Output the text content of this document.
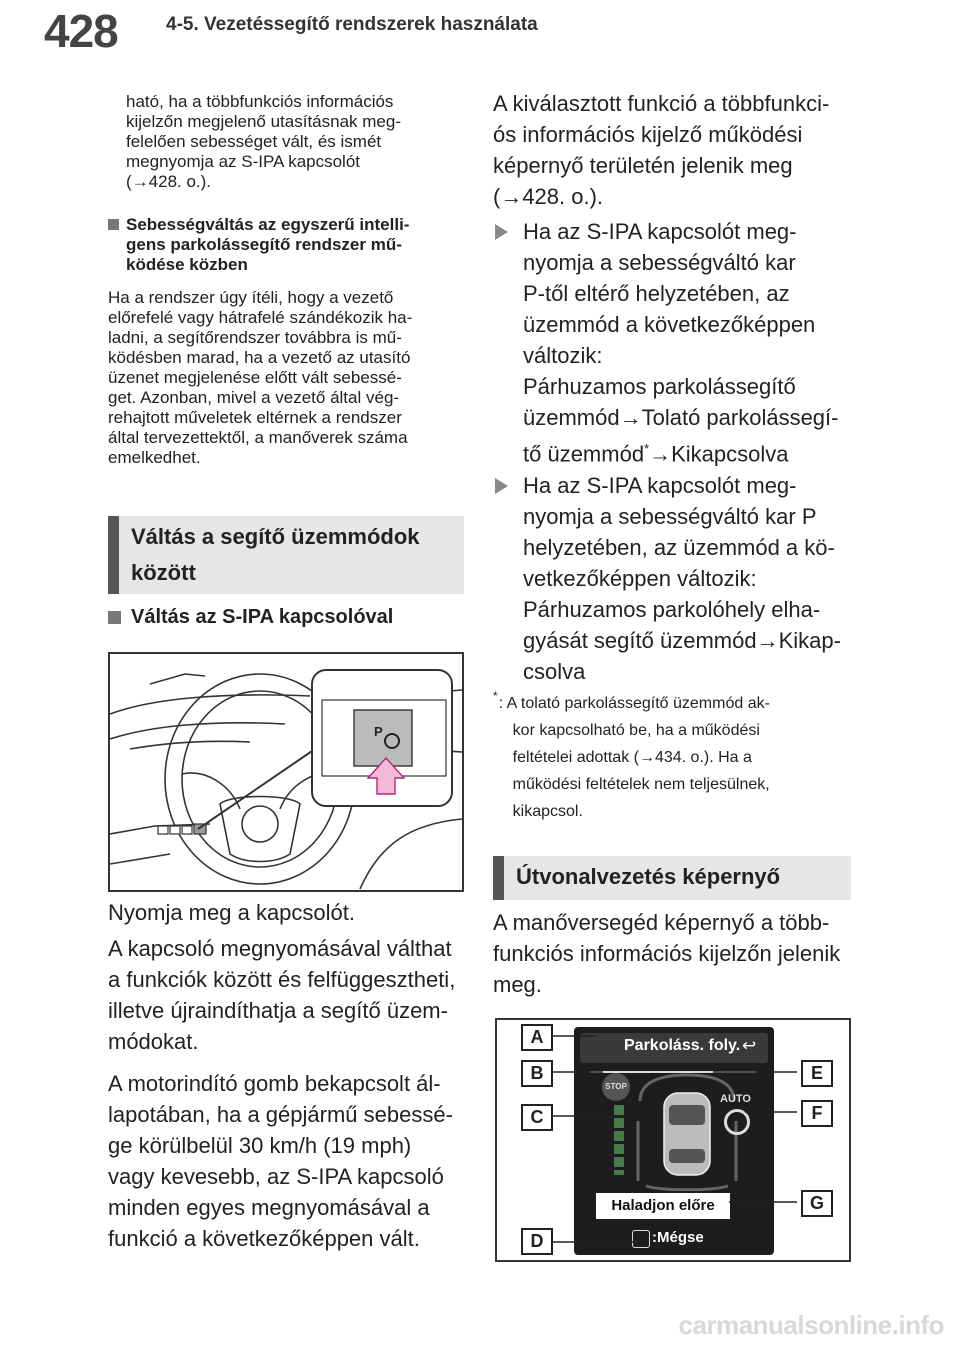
428	4-5. Vezetéssegítő rendszerek használata
ható, ha a többfunkciós információs
kijelzőn megjelenő utasításnak meg-
felelően sebességet vált, és ismét
megnyomja az S-IPA kapcsolót
(→428. o.).
Sebességváltás az egyszerű intelli-
gens parkolássegítő rendszer mű-
ködése közben
Ha a rendszer úgy ítéli, hogy a vezető
előrefelé vagy hátrafelé szándékozik ha-
ladni, a segítőrendszer továbbra is mű-
ködésben marad, ha a vezető az utasító
üzenet megjelenése előtt vált sebessé-
get. Azonban, mivel a vezető által vég-
rehajtott műveletek eltérnek a rendszer
által tervezettektől, a manőverek száma
emelkedhet.
Váltás a segítő üzemmódok
között
Váltás az S-IPA kapcsolóval
P
Nyomja meg a kapcsolót.
A kapcsoló megnyomásával válthat
a funkciók között és felfüggesztheti,
illetve újraindíthatja a segítő üzem-
módokat.
A motorindító gomb bekapcsolt ál-
lapotában, ha a gépjármű sebessé-
ge körülbelül 30 km/h (19 mph)
vagy kevesebb, az S-IPA kapcsoló
minden egyes megnyomásával a
funkció a következőképpen vált.
A kiválasztott funkció a többfunkci-
ós információs kijelző működési
képernyő területén jelenik meg
(→428. o.).
Ha az S-IPA kapcsolót meg-
nyomja a sebességváltó kar
P-től eltérő helyzetében, az
üzemmód a következőképpen
változik:
Párhuzamos parkolássegítő
üzemmód→Tolató parkolássegí-
tő üzemmód*→Kikapcsolva
Ha az S-IPA kapcsolót meg-
nyomja a sebességváltó kar P
helyzetében, az üzemmód a kö-
vetkezőképpen változik:
Párhuzamos parkolóhely elha-
gyását segítő üzemmód→Kikap-
csolva
* : A tolató parkolássegítő üzemmód ak-
kor kapcsolható be, ha a működési
feltételei adottak (→434. o.). Ha a
működési feltételek nem teljesülnek,
kikapcsol.
Útvonalvezetés képernyő
A manőversegéd képernyő a több-
funkciós információs kijelzőn jelenik
meg.
Parkoláss. foly. ↩
STOP
AUTO
Haladjon előre
:Mégse
A
B
C
D
E
F
G
carmanualsonline.info
